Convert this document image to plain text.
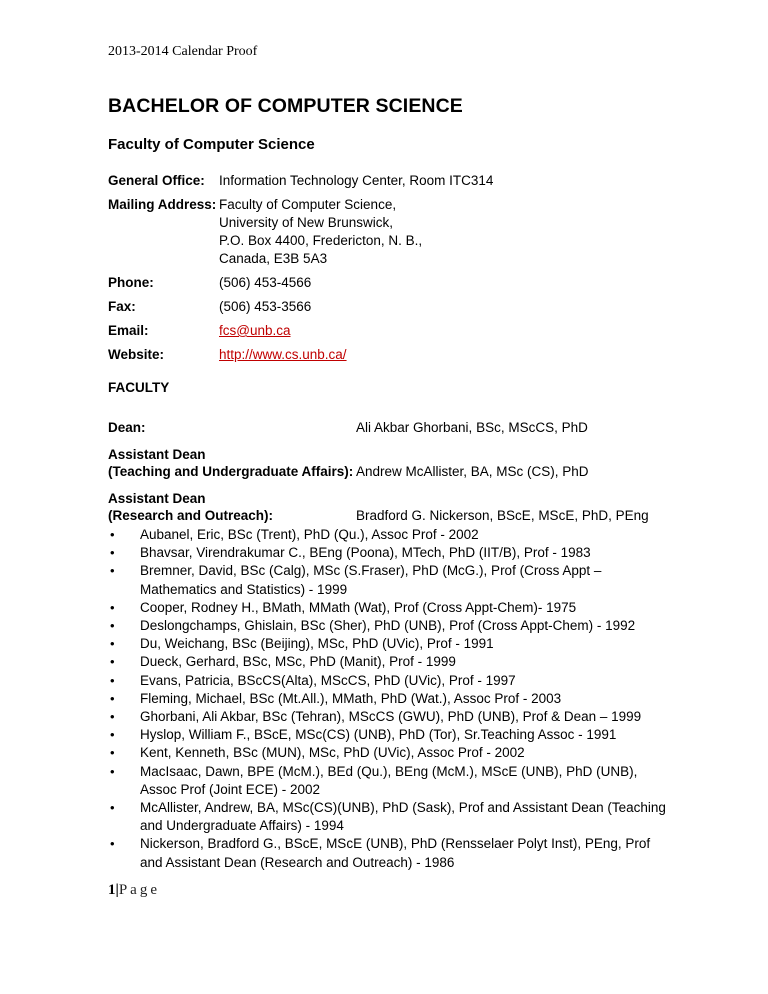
2013-2014 Calendar Proof
BACHELOR OF COMPUTER SCIENCE
Faculty of Computer Science
General Office: Information Technology Center, Room ITC314
Mailing Address: Faculty of Computer Science,
University of New Brunswick,
P.O. Box 4400, Fredericton, N. B.,
Canada, E3B 5A3
Phone:	(506) 453-4566
Fax:	(506) 453-3566
Email:	fcs@unb.ca
Website:	http://www.cs.unb.ca/
FACULTY
Dean:	Ali Akbar Ghorbani, BSc, MScCS, PhD
Assistant Dean
(Teaching and Undergraduate Affairs): Andrew McAllister, BA, MSc (CS), PhD
Assistant Dean
(Research and Outreach):	Bradford G. Nickerson, BScE, MScE, PhD, PEng
• Aubanel, Eric, BSc (Trent), PhD (Qu.), Assoc Prof - 2002
• Bhavsar, Virendrakumar C., BEng (Poona), MTech, PhD (IIT/B), Prof - 1983
• Bremner, David, BSc (Calg), MSc (S.Fraser), PhD (McG.), Prof (Cross Appt – Mathematics and Statistics) - 1999
• Cooper, Rodney H., BMath, MMath (Wat), Prof (Cross Appt-Chem)- 1975
• Deslongchamps, Ghislain, BSc (Sher), PhD (UNB), Prof (Cross Appt-Chem) - 1992
• Du, Weichang, BSc (Beijing), MSc, PhD (UVic), Prof - 1991
• Dueck, Gerhard, BSc, MSc, PhD (Manit), Prof - 1999
• Evans, Patricia, BScCS(Alta), MScCS, PhD (UVic), Prof - 1997
• Fleming, Michael, BSc (Mt.All.), MMath, PhD (Wat.), Assoc Prof - 2003
• Ghorbani, Ali Akbar, BSc (Tehran), MScCS (GWU), PhD (UNB), Prof & Dean – 1999
• Hyslop, William F., BScE, MSc(CS) (UNB), PhD (Tor), Sr.Teaching Assoc - 1991
• Kent, Kenneth, BSc (MUN), MSc, PhD (UVic), Assoc Prof - 2002
• MacIsaac, Dawn, BPE (McM.), BEd (Qu.), BEng (McM.), MScE (UNB), PhD (UNB), Assoc Prof (Joint ECE) - 2002
• McAllister, Andrew, BA, MSc(CS)(UNB), PhD (Sask), Prof and Assistant Dean (Teaching and Undergraduate Affairs) - 1994
• Nickerson, Bradford G., BScE, MScE (UNB), PhD (Rensselaer Polyt Inst), PEng, Prof and Assistant Dean (Research and Outreach) - 1986
1|Page
